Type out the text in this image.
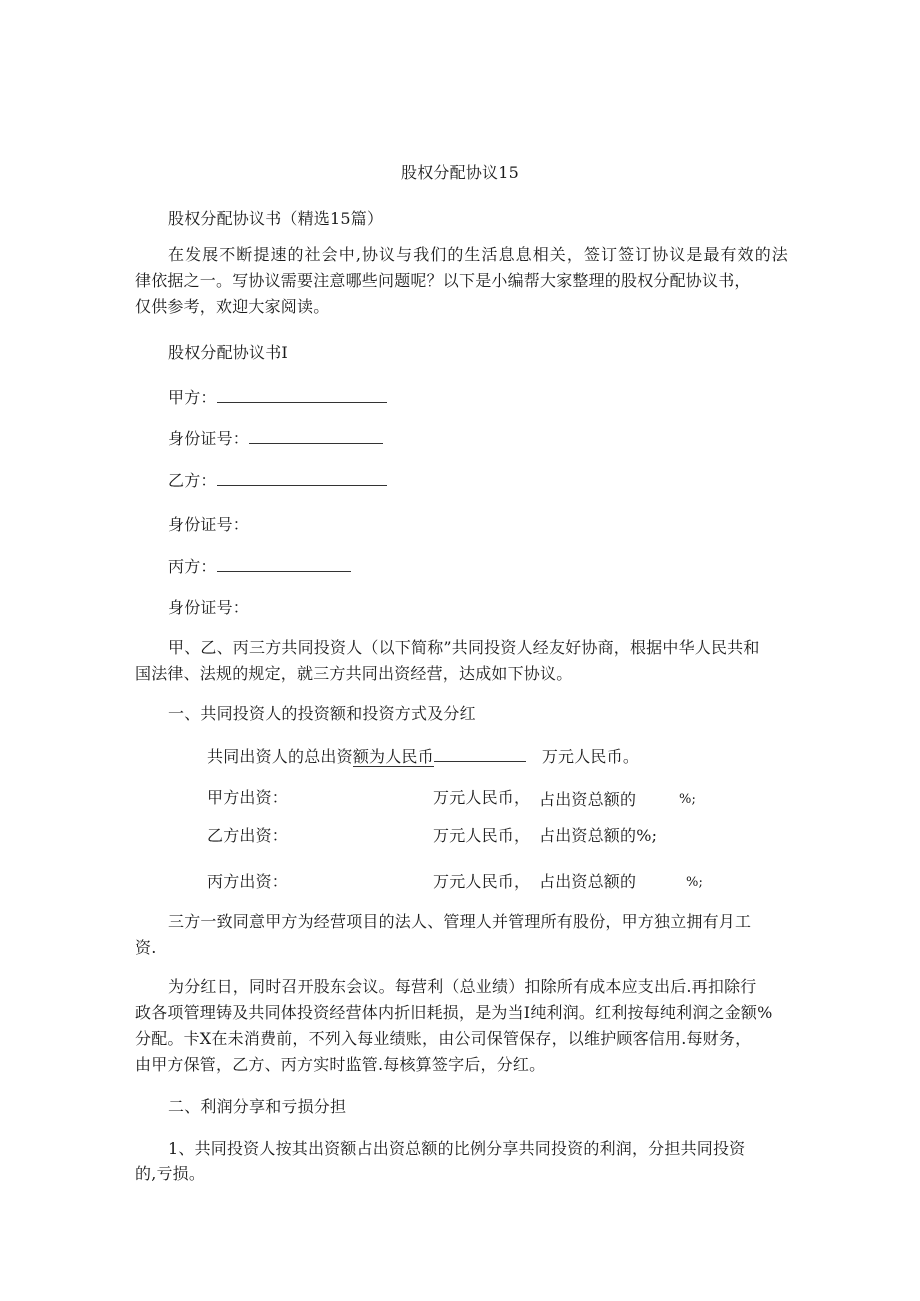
股权分配协议15
股权分配协议书（精选15篇）
在发展不断提速的社会中,协议与我们的生活息息相关，签订签订协议是最有效的法
律依据之一。写协议需要注意哪些问题呢？以下是小编帮大家整理的股权分配协议书，
仅供参考，欢迎大家阅读。
股权分配协议书I
甲方：
身份证号：
乙方：
身份证号：
丙方：
身份证号：
甲、乙、丙三方共同投资人（以下简称”共同投资人经友好协商，根据中华人民共和
国法律、法规的规定，就三方共同出资经营，达成如下协议。
一、共同投资人的投资额和投资方式及分红
共同出资人的总出资额为人民币	万元人民币。
甲方出资：	万元人民币， 占出资总额的	%;
乙方出资：	万元人民币， 占出资总额的%;
丙方出资：	万元人民币， 占出资总额的	%;
三方一致同意甲方为经营项目的法人、管理人并管理所有股份，甲方独立拥有月工
资.
为分红日，同时召开股东会议。每营利（总业绩）扣除所有成本应支出后.再扣除行
政各项管理铸及共同体投资经营体内折旧耗损，是为当I纯利润。红利按每纯利润之金额%
分配。卡X在未消费前，不列入每业绩账，由公司保管保存，以维护顾客信用.每财务，
由甲方保管，乙方、丙方实时监管.每核算签字后，分红。
二、利润分享和亏损分担
1、共同投资人按其出资额占出资总额的比例分享共同投资的利润，分担共同投资
的,亏损。
